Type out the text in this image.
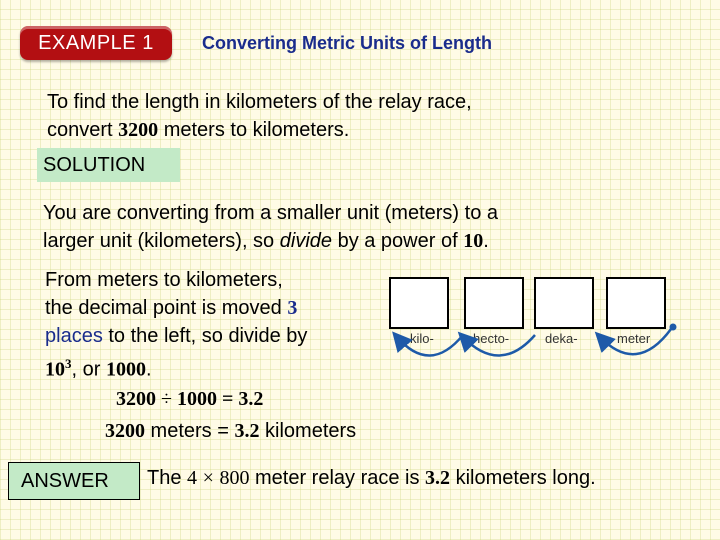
EXAMPLE 1	Converting Metric Units of Length
To find the length in kilometers of the relay race,
convert 3200 meters to kilometers.
SOLUTION
You are converting from a smaller unit (meters) to a
larger unit (kilometers), so divide by a power of 10.
From meters to kilometers,
the decimal point is moved 3
places to the left, so divide by
$10^3$, or 1000.
3200 ÷ 1000 = 3.2
3200 meters = 3.2 kilometers
ANSWER	The 4 × 800 meter relay race is 3.2 kilometers long.
kilo-	hecto-	deka-	meter
